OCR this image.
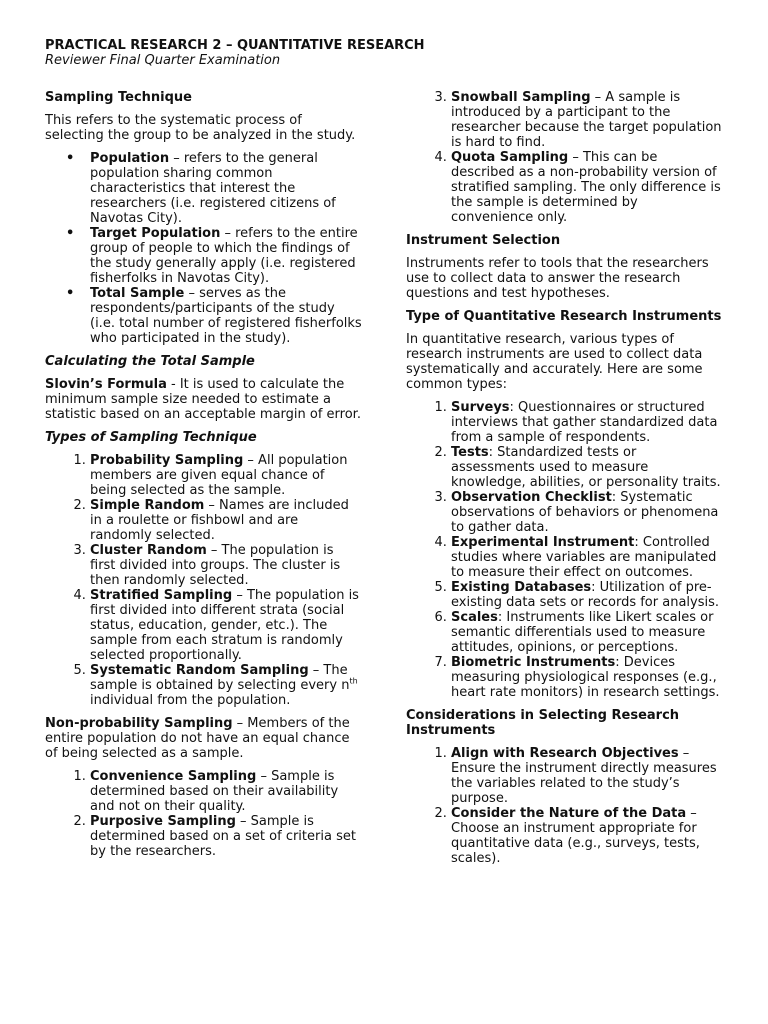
PRACTICAL RESEARCH 2 – QUANTITATIVE RESEARCH
Reviewer Final Quarter Examination
Sampling Technique

This refers to the systematic process of selecting the group to be analyzed in the study.

• Population – refers to the general population sharing common characteristics that interest the researchers (i.e. registered citizens of Navotas City).
• Target Population – refers to the entire group of people to which the findings of the study generally apply (i.e. registered fisherfolks in Navotas City).
• Total Sample – serves as the respondents/participants of the study (i.e. total number of registered fisherfolks who participated in the study).
Calculating the Total Sample

Slovin’s Formula - It is used to calculate the minimum sample size needed to estimate a statistic based on an acceptable margin of error.

Types of Sampling Technique
1. Probability Sampling – All population members are given equal chance of being selected as the sample.
2. Simple Random – Names are included in a roulette or fishbowl and are randomly selected.
3. Cluster Random – The population is first divided into groups. The cluster is then randomly selected.
4. Stratified Sampling – The population is first divided into different strata (social status, education, gender, etc.). The sample from each stratum is randomly selected proportionally.
5. Systematic Random Sampling – The sample is obtained by selecting every $n^{th}$ individual from the population.

Non-probability Sampling – Members of the entire population do not have an equal chance of being selected as a sample.

1. Convenience Sampling – Sample is determined based on their availability and not on their quality.
2. Purposive Sampling – Sample is determined based on a set of criteria set by the researchers.
3. Snowball Sampling – A sample is introduced by a participant to the researcher because the target population is hard to find.
4. Quota Sampling – This can be described as a non-probability version of stratified sampling. The only difference is the sample is determined by convenience only.
Instrument Selection

Instruments refer to tools that the researchers use to collect data to answer the research questions and test hypotheses.

Type of Quantitative Research Instruments

In quantitative research, various types of research instruments are used to collect data systematically and accurately. Here are some common types:

1. Surveys: Questionnaires or structured interviews that gather standardized data from a sample of respondents.
2. Tests: Standardized tests or assessments used to measure knowledge, abilities, or personality traits.
3. Observation Checklist: Systematic observations of behaviors or phenomena to gather data.
4. Experimental Instrument: Controlled studies where variables are manipulated to measure their effect on outcomes.
5. Existing Databases: Utilization of pre-existing data sets or records for analysis.
6. Scales: Instruments like Likert scales or semantic differentials used to measure attitudes, opinions, or perceptions.
7. Biometric Instruments: Devices measuring physiological responses (e.g., heart rate monitors) in research settings.
Considerations in Selecting Research Instruments
1. Align with Research Objectives – Ensure the instrument directly measures the variables related to the study’s purpose.
2. Consider the Nature of the Data – Choose an instrument appropriate for quantitative data (e.g., surveys, tests, scales).
